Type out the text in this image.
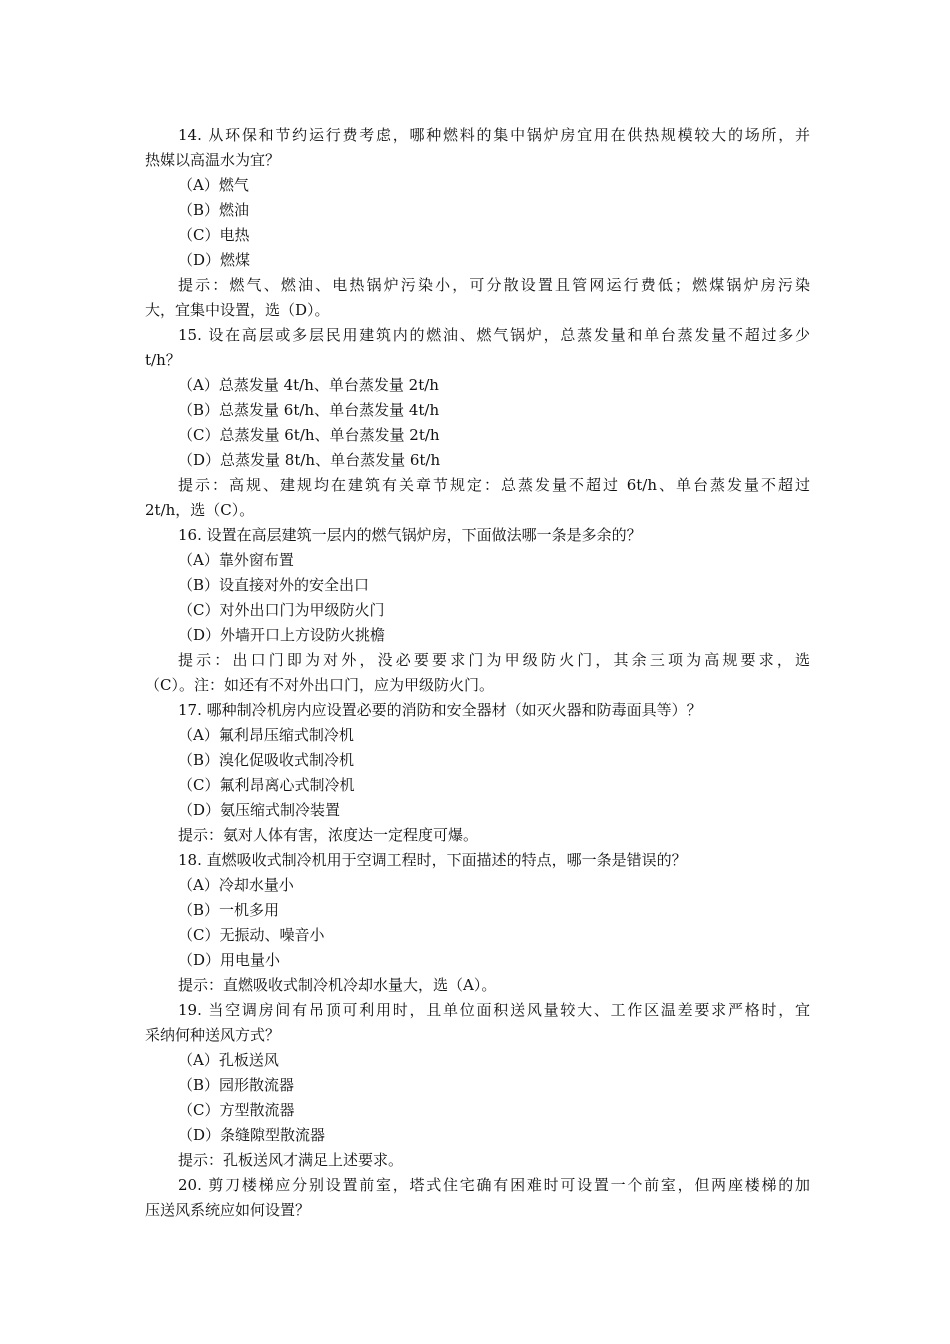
14. 从环保和节约运行费考虑，哪种燃料的集中锅炉房宜用在供热规模较大的场所，并
热媒以高温水为宜？
（A）燃气
（B）燃油
（C）电热
（D）燃煤
提示：燃气、燃油、电热锅炉污染小，可分散设置且管网运行费低；燃煤锅炉房污染
大，宜集中设置，选（D）。
15. 设在高层或多层民用建筑内的燃油、燃气锅炉，总蒸发量和单台蒸发量不超过多少
t/h？
（A）总蒸发量 4t/h、单台蒸发量 2t/h
（B）总蒸发量 6t/h、单台蒸发量 4t/h
（C）总蒸发量 6t/h、单台蒸发量 2t/h
（D）总蒸发量 8t/h、单台蒸发量 6t/h
提示：高规、建规均在建筑有关章节规定：总蒸发量不超过 6t/h、单台蒸发量不超过
2t/h，选（C）。
16. 设置在高层建筑一层内的燃气锅炉房，下面做法哪一条是多余的？
（A）靠外窗布置
（B）设直接对外的安全出口
（C）对外出口门为甲级防火门
（D）外墙开口上方设防火挑檐
提示：出口门即为对外，没必要要求门为甲级防火门，其余三项为高规要求，选
（C）。注：如还有不对外出口门，应为甲级防火门。
17. 哪种制冷机房内应设置必要的消防和安全器材（如灭火器和防毒面具等）？
（A）氟利昂压缩式制冷机
（B）溴化促吸收式制冷机
（C）氟利昂离心式制冷机
（D）氨压缩式制冷装置
提示：氨对人体有害，浓度达一定程度可爆。
18. 直燃吸收式制冷机用于空调工程时，下面描述的特点，哪一条是错误的？
（A）冷却水量小
（B）一机多用
（C）无振动、噪音小
（D）用电量小
提示：直燃吸收式制冷机冷却水量大，选（A）。
19. 当空调房间有吊顶可利用时，且单位面积送风量较大、工作区温差要求严格时，宜
采纳何种送风方式？
（A）孔板送风
（B）园形散流器
（C）方型散流器
（D）条缝隙型散流器
提示：孔板送风才满足上述要求。
20. 剪刀楼梯应分别设置前室，塔式住宅确有困难时可设置一个前室，但两座楼梯的加
压送风系统应如何设置？
